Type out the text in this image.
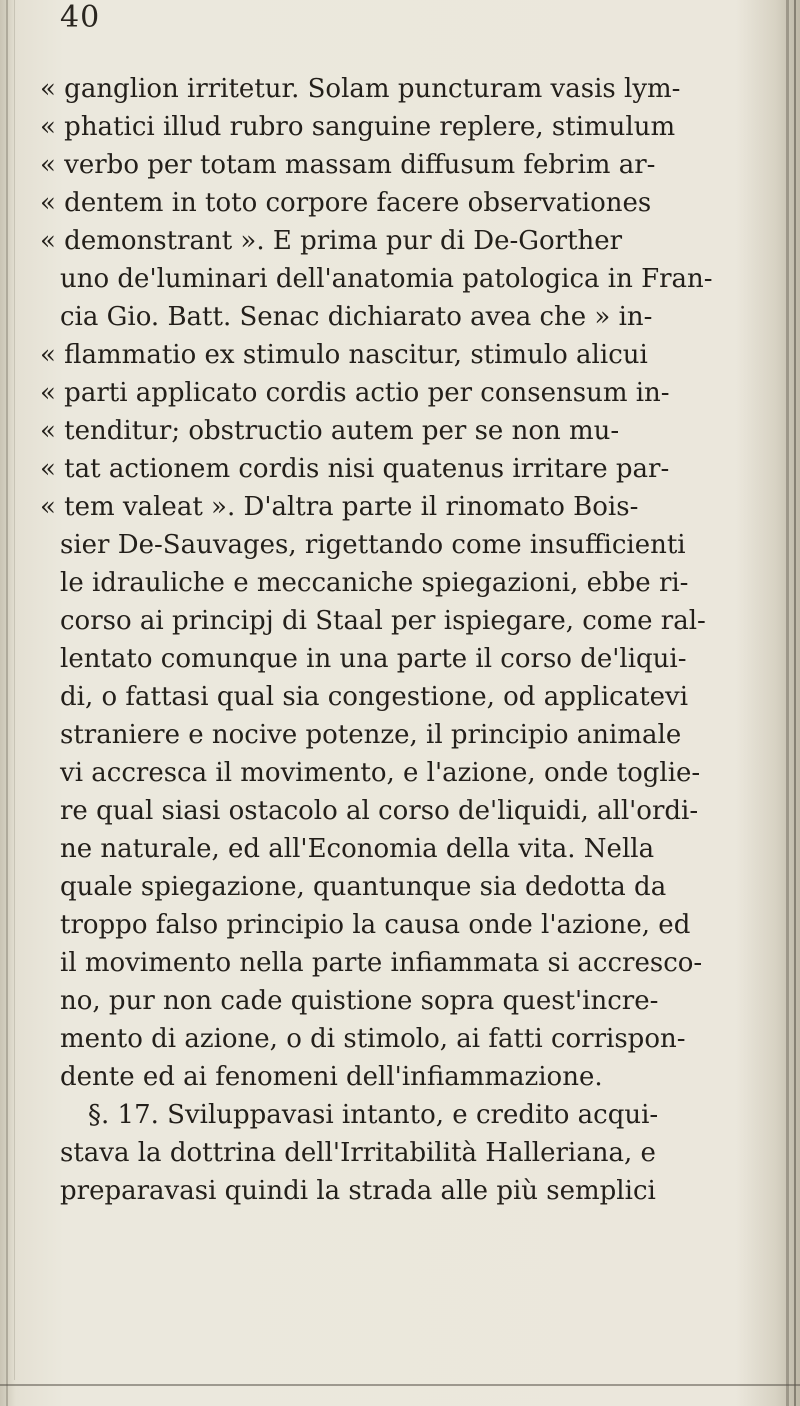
40
« ganglion irritetur. Solam puncturam vasis lym-
« phatici illud rubro sanguine replere, stimulum
« verbo per totam massam diffusum febrim ar-
« dentem in toto corpore facere observationes
« demonstrant ». E prima pur di De-Gorther
uno de'luminari dell'anatomia patologica in Fran-
cia Gio. Batt. Senac dichiarato avea che » in-
« flammatio ex stimulo nascitur, stimulo alicui
« parti applicato cordis actio per consensum in-
« tenditur; obstructio autem per se non mu-
« tat actionem cordis nisi quatenus irritare par-
« tem valeat ». D'altra parte il rinomato Bois-
sier De-Sauvages, rigettando come insufficienti
le idrauliche e meccaniche spiegazioni, ebbe ri-
corso ai principj di Staal per ispiegare, come ral-
lentato comunque in una parte il corso de'liqui-
di, o fattasi qual sia congestione, od applicatevi
straniere e nocive potenze, il principio animale
vi accresca il movimento, e l'azione, onde toglie-
re qual siasi ostacolo al corso de'liquidi, all'ordi-
ne naturale, ed all'Economia della vita. Nella
quale spiegazione, quantunque sia dedotta da
troppo falso principio la causa onde l'azione, ed
il movimento nella parte infiammata si accresco-
no, pur non cade quistione sopra quest'incre-
mento di azione, o di stimolo, ai fatti corrispon-
dente ed ai fenomeni dell'infiammazione.
§. 17. Sviluppavasi intanto, e credito acqui-
stava la dottrina dell'Irritabilità Halleriana, e
preparavasi quindi la strada alle più semplici
